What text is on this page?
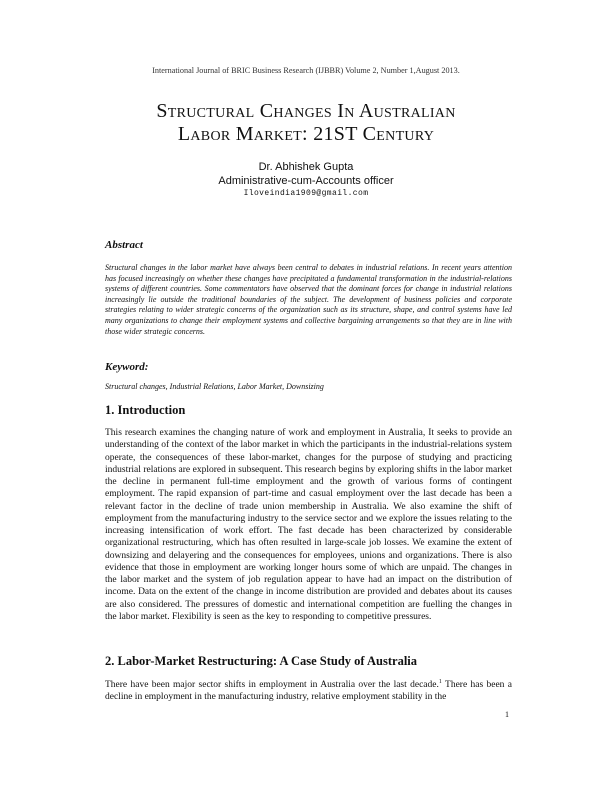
International Journal of BRIC Business Research (IJBBR) Volume 2, Number 1,August 2013.
Structural Changes In Australian
Labor Market: 21ST Century
Dr. Abhishek Gupta
Administrative-cum-Accounts officer
Iloveindia1909@gmail.com
Abstract
Structural changes in the labor market have always been central to debates in industrial relations. In recent years attention has focused increasingly on whether these changes have precipitated a fundamental transformation in the industrial-relations systems of different countries. Some commentators have observed that the dominant forces for change in industrial relations increasingly lie outside the traditional boundaries of the subject. The development of business policies and corporate strategies relating to wider strategic concerns of the organization such as its structure, shape, and control systems have led many organizations to change their employment systems and collective bargaining arrangements so that they are in line with those wider strategic concerns.
Keyword:
Structural changes, Industrial Relations, Labor Market, Downsizing
1. Introduction
This research examines the changing nature of work and employment in Australia, It seeks to provide an understanding of the context of the labor market in which the participants in the industrial-relations system operate, the consequences of these labor-market, changes for the purpose of studying and practicing industrial relations are explored in subsequent. This research begins by exploring shifts in the labor market the decline in permanent full-time employment and the growth of various forms of contingent employment. The rapid expansion of part-time and casual employment over the last decade has been a relevant factor in the decline of trade union membership in Australia. We also examine the shift of employment from the manufacturing industry to the service sector and we explore the issues relating to the increasing intensification of work effort. The fast decade has been characterized by considerable organizational restructuring, which has often resulted in large-scale job losses. We examine the extent of downsizing and delayering and the consequences for employees, unions and organizations. There is also evidence that those in employment are working longer hours some of which are unpaid. The changes in the labor market and the system of job regulation appear to have had an impact on the distribution of income. Data on the extent of the change in income distribution are provided and debates about its causes are also considered. The pressures of domestic and international competition are fuelling the changes in the labor market. Flexibility is seen as the key to responding to competitive pressures.
2. Labor-Market Restructuring: A Case Study of Australia
There have been major sector shifts in employment in Australia over the last decade.$^1$ There has been a decline in employment in the manufacturing industry, relative employment stability in the
1
